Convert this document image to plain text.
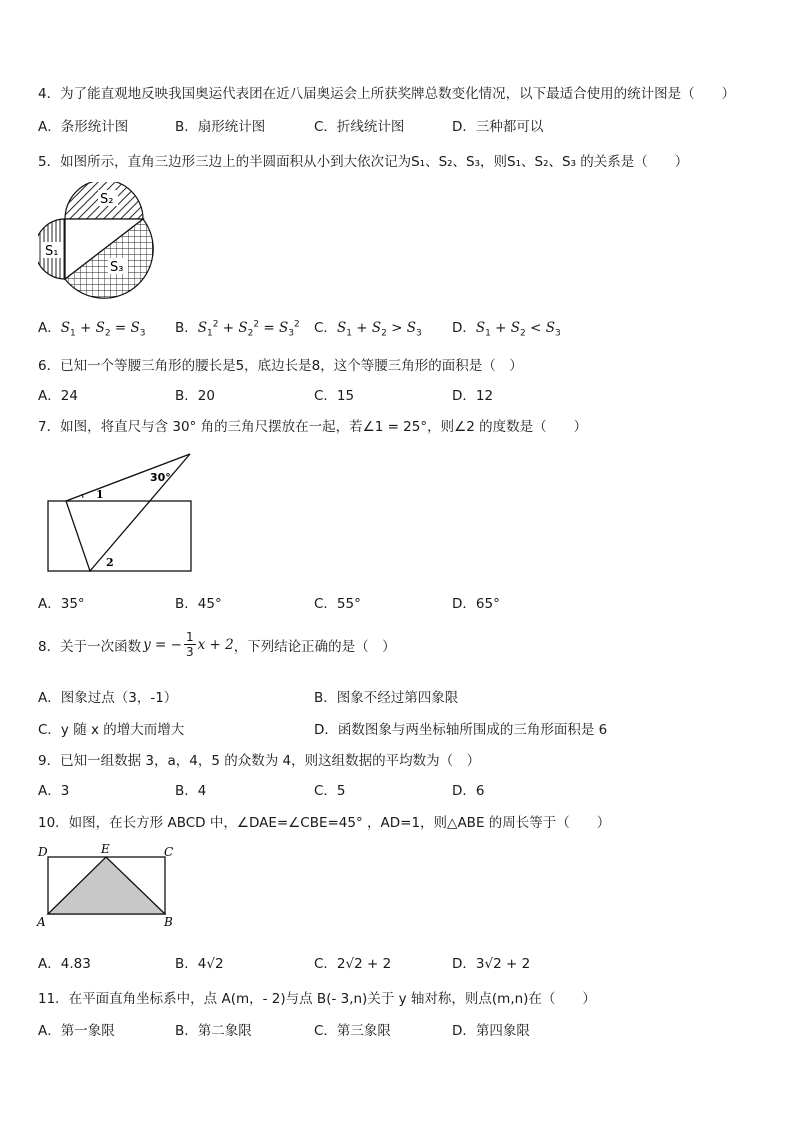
4．为了能直观地反映我国奥运代表团在近八届奥运会上所获奖牌总数变化情况，以下最适合使用的统计图是（　　）
A．条形统计图	B．扇形统计图	C．折线统计图	D．三种都可以
5．如图所示，直角三边形三边上的半圆面积从小到大依次记为S₁、S₂、S₃，则S₁、S₂、S₃ 的关系是（　　）
S₂
S₁
S₃
A．$S_1 + S_2 = S_3$ B．$S_1^2 + S_2^2 = S_3^2$ C．$S_1 + S_2 > S_3$ D．$S_1 + S_2 < S_3$
6．已知一个等腰三角形的腰长是5，底边长是8，这个等腰三角形的面积是（　）
A．24	B．20	C．15	D．12
7．如图，将直尺与含 30° 角的三角尺摆放在一起，若∠1 = 25°，则∠2 的度数是（　　）
30°
1
2
A．35°	B．45°	C．55°	D．65°
8．关于一次函数 y = − $\frac{1}{3}$ x + 2 ，下列结论正确的是（　）
A．图象过点（3，-1）	B．图象不经过第四象限
C．y 随 x 的增大而增大	D．函数图象与两坐标轴所围成的三角形面积是 6
9．已知一组数据 3，a，4，5 的众数为 4，则这组数据的平均数为（　）
A．3	B．4	C．5	D．6
10．如图，在长方形 ABCD 中，∠DAE=∠CBE=45° ，AD=1，则△ABE 的周长等于（　　）
D	E	C
A	B
A．4.83	B．4√2	C．2√2 + 2	D．3√2 + 2
11．在平面直角坐标系中，点 A(m，- 2)与点 B(- 3,n)关于 y 轴对称，则点(m,n)在（　　）
A．第一象限	B．第二象限	C．第三象限	D．第四象限
